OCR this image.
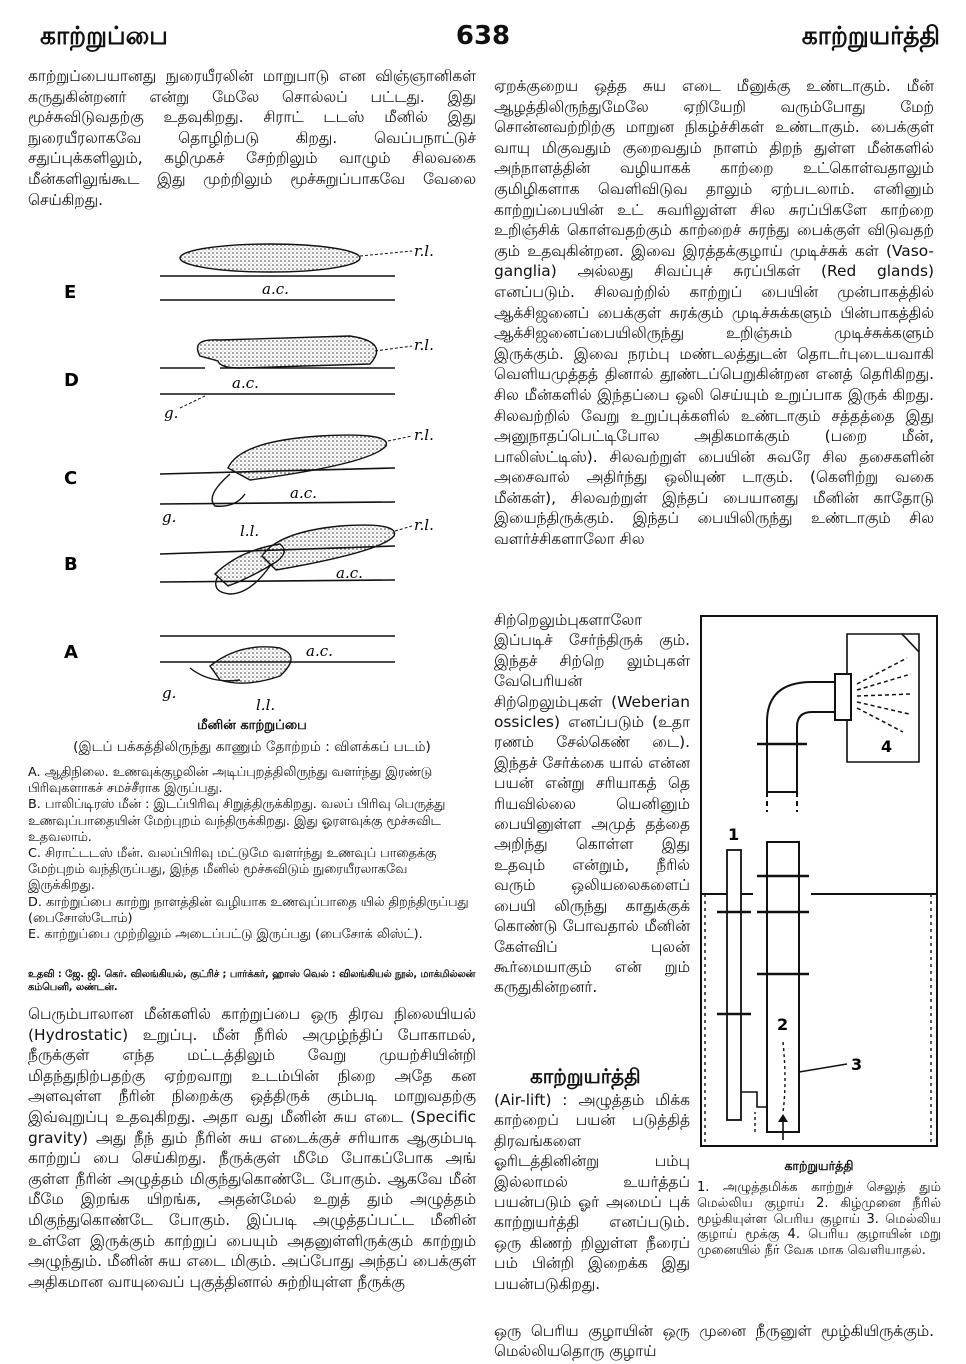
காற்றுப்பை	638	காற்றுயர்த்தி

காற்றுப்பையானது நுரையீரலின் மாறுபாடு என விஞ்ஞானிகள் கருதுகின்றனர் என்று மேலே சொல்லப் பட்டது. இது மூச்சுவிடுவதற்கு உதவுகிறது. சிராட் டடஸ் மீனில் இது நுரையீரலாகவே தொழிற்படு கிறது. வெப்பநாட்டுச் சதுப்புக்களிலும், கழிமுகச் சேற்றிலும் வாழும் சிலவகை மீன்களிலுங்கூட இது முற்றிலும் மூச்சுறுப்பாகவே வேலை செய்கிறது.

E
r.l.
a.c.
D
r.l.
a.c.
g.
C
r.l.
a.c.
g.
B
r.l.
a.c.
l.l.
A	a.c.
g.
l.l.
மீனின் காற்றுப்பை
(இடப் பக்கத்திலிருந்து காணும் தோற்றம் : விளக்கப் படம்)

A. ஆதிநிலை. உணவுக்குழலின் அடிப்புறத்திலிருந்து வளர்ந்து இரண்டு பிரிவுகளாகச் சமச்சீராக இருப்பது.

B. பாலிப்டிரஸ் மீன் : இடப்பிரிவு சிறுத்திருக்கிறது. வலப் பிரிவு பெருத்து உணவுப்பாதையின் மேற்புறம் வந்திருக்கிறது. இது ஓரளவுக்கு மூச்சுவிட உதவலாம்.

C. சிராட்டடஸ் மீன். வலப்பிரிவு மட்டுமே வளர்ந்து உணவுப் பாதைக்கு மேற்புறம் வந்திருப்பது, இந்த மீனில் மூச்சுவிடும் நுரையீரலாகவே இருக்கிறது.

D. காற்றுப்பை காற்று நாளத்தின் வழியாக உணவுப்பாதை யில் திறந்திருப்பது (பைசோஸ்டோம்)

E. காற்றுப்பை முற்றிலும் அடைப்பட்டு இருப்பது (பைசோக் லிஸ்ட்).

உதவி : ஜே. ஜி. கெர். விலங்கியல், குட்ரிச் ; பார்க்கர், ஹாஸ் வெல் : விலங்கியல் நூல், மாக்மில்லன் கம்பெனி, லண்டன்.

பெரும்பாலான மீன்களில் காற்றுப்பை ஒரு திரவ நிலையியல் (Hydrostatic) உறுப்பு. மீன் நீரில் அமுழ்ந்திப் போகாமல், நீருக்குள் எந்த மட்டத்திலும் வேறு முயற்சியின்றி மிதந்துநிற்பதற்கு ஏற்றவாறு உடம்பின் நிறை அதே கன அளவுள்ள நீரின் நிறைக்கு ஒத்திருக் கும்படி மாறுவதற்கு இவ்வுறுப்பு உதவுகிறது. அதா வது மீனின் சுய எடை (Specific gravity) அது நீந் தும் நீரின் சுய எடைக்குச் சரியாக ஆகும்படி காற்றுப் பை செய்கிறது. நீருக்குள் மீமே போகப்போக அங் குள்ள நீரின் அழுத்தம் மிகுந்துகொண்டே போகும். ஆகவே மீன் மீமே இறங்க யிறங்க, அதன்மேல் உறுத் தும் அழுத்தம் மிகுந்துகொண்டே போகும். இப்படி அழுத்தப்பட்ட மீனின் உள்ளே இருக்கும் காற்றுப் பையும் அதனுள்ளிருக்கும் காற்றும் அழுந்தும். மீனின் சுய எடை மிகும். அப்போது அந்தப் பைக்குள் அதிகமான வாயுவைப் புகுத்தினால் சுற்றியுள்ள நீருக்கு

ஏறக்குறைய ஒத்த சுய எடை மீனுக்கு உண்டாகும். மீன் ஆழத்திலிருந்துமேலே ஏறியேறி வரும்போது மேற் சொன்னவற்றிற்கு மாறுன நிகழ்ச்சிகள் உண்டாகும். பைக்குள் வாயு மிகுவதும் குறைவதும் நாளம் திறந் துள்ள மீன்களில் அந்நாளத்தின் வழியாகக் காற்றை உட்கொள்வதாலும் குமிழிகளாக வெளிவிடுவ தாலும் ஏற்படலாம். எனினும் காற்றுப்பையின் உட் சுவரிலுள்ள சில சுரப்பிகளே காற்றை உறிஞ்சிக் கொள்வதற்கும் காற்றைச் சுரந்து பைக்குள் விடுவதற் கும் உதவுகின்றன. இவை இரத்தக்குழாய் முடிச்சுக் கள் (Vaso-ganglia) அல்லது சிவப்புச் சுரப்பிகள் (Red glands) எனப்படும். சிலவற்றில் காற்றுப் பையின் முன்பாகத்தில் ஆக்சிஜனைப் பைக்குள் சுரக்கும் முடிச்சுக்களும் பின்பாகத்தில் ஆக்சிஜனைப்பையிலிருந்து உறிஞ்சும் முடிச்சுக்களும் இருக்கும். இவை நரம்பு மண்டலத்துடன் தொடர்புடையவாகி வெளியமுத்தத் தினால் தூண்டப்பெறுகின்றன எனத் தெரிகிறது. சில மீன்களில் இந்தப்பை ஒலி செய்யும் உறுப்பாக இருக் கிறது. சிலவற்றில் வேறு உறுப்புக்களில் உண்டாகும் சத்தத்தை இது அனுநாதப்பெட்டிபோல அதிகமாக்கும் (பறை மீன், பாலிஸ்ட்டிஸ்). சிலவற்றுள் பையின் சுவரே சில தசைகளின் அசைவால் அதிர்ந்து ஒலியுண் டாகும். (கெளிற்று வகை மீன்கள்), சிலவற்றுள் இந்தப் பையானது மீனின் காதோடு இயைந்திருக்கும். இந்தப் பையிலிருந்து உண்டாகும் சில வளர்ச்சிகளாலோ சில

சிற்றெலும்புகளாலோ இப்படிச் சேர்ந்திருக் கும். இந்தச் சிற்றெ லும்புகள் வேபெரியன் சிற்றெலும்புகள் (Weberian ossicles) எனப்படும் (உதா ரணம் சேல்கெண் டை). இந்தச் சேர்க்கை யால் என்ன பயன் என்று சரியாகத் தெ ரியவில்லை யெனினும் பையினுள்ள அமுத் தத்தை அறிந்து கொள்ள இது உதவும் என்றும், நீரில் வரும் ஒலியலைகளைப் பையி லிருந்து காதுக்குக் கொண்டு போவதால் மீனின் கேள்விப் புலன் கூர்மையாகும் என் றும் கருதுகின்றனர்.

காற்றுயர்த்தி

(Air-lift) : அழுத்தம் மிக்க காற்றைப் பயன் படுத்தித் திரவங்களை ஓரிடத்தினின்று பம்பு இல்லாமல் உயர்த்தப் பயன்படும் ஓர் அமைப் புக் காற்றுயர்த்தி எனப்படும். ஒரு கிணற் றிலுள்ள நீரைப் பம் பின்றி இறைக்க இது பயன்படுகிறது.

ஒரு பெரிய குழாயின் ஒரு முனை நீருனுள் மூழ்கியிருக்கும். மெல்லியதொரு குழாய்
4
1
2
3
காற்றுயர்த்தி
1. அழுத்தமிக்க காற்றுச் செலுத் தும் மெல்லிய குழாய் 2. கிழ்முனை நீரில் மூழ்கியுள்ள பெரிய குழாய் 3. மெல்லிய குழாய் மூக்கு 4. பெரிய குழாயின் மறு முனையில் நீர் வேக மாக வெளியாதல்.
